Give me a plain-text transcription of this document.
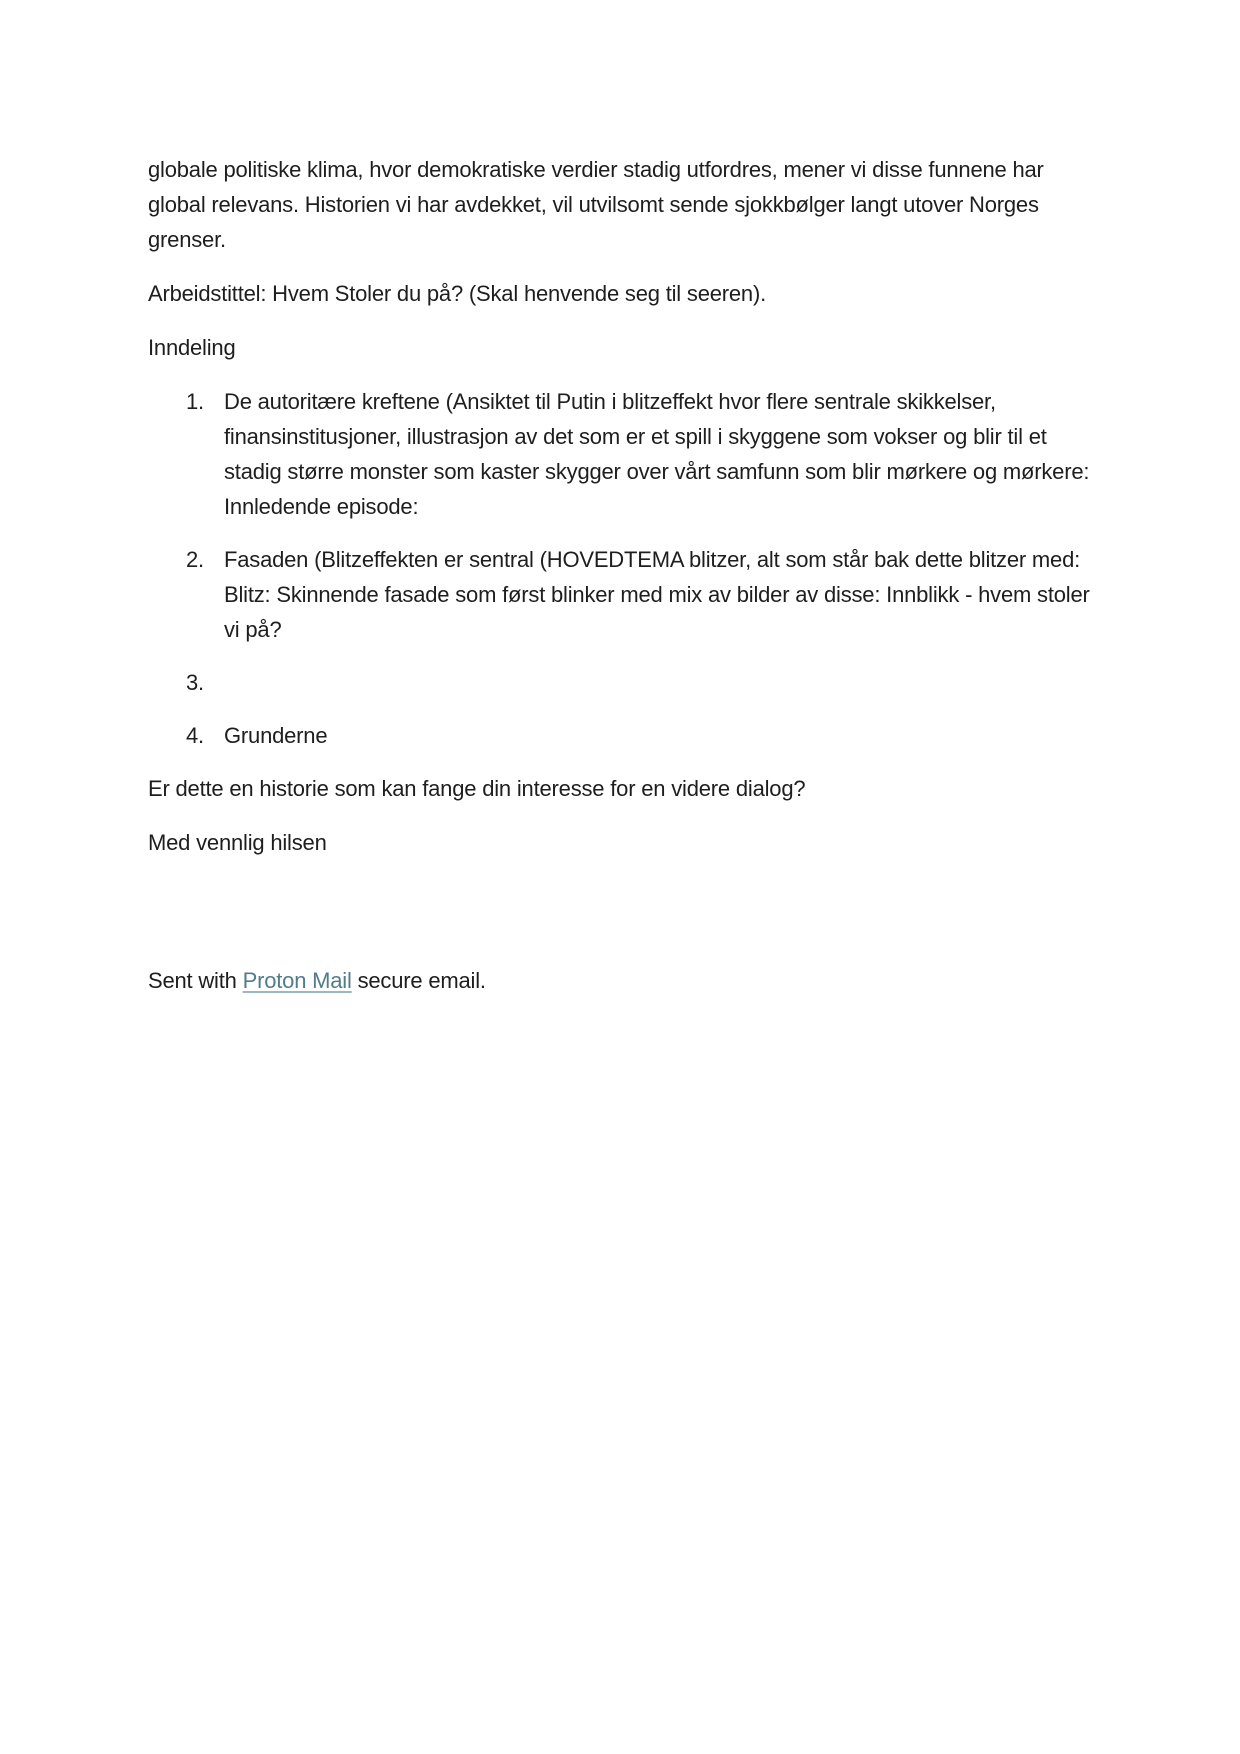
globale politiske klima, hvor demokratiske verdier stadig utfordres, mener vi disse funnene har global relevans. Historien vi har avdekket, vil utvilsomt sende sjokkbølger langt utover Norges grenser.

Arbeidstittel: Hvem Stoler du på? (Skal henvende seg til seeren).

Inndeling

1. De autoritære kreftene (Ansiktet til Putin i blitzeffekt hvor flere sentrale skikkelser, finansinstitusjoner, illustrasjon av det som er et spill i skyggene som vokser og blir til et stadig større monster som kaster skygger over vårt samfunn som blir mørkere og mørkere: Innledende episode:
2. Fasaden (Blitzeffekten er sentral (HOVEDTEMA blitzer, alt som står bak dette blitzer med: Blitz: Skinnende fasade som først blinker med mix av bilder av disse: Innblikk - hvem stoler vi på?
3.
4. Grunderne

Er dette en historie som kan fange din interesse for en videre dialog?

Med vennlig hilsen

Sent with Proton Mail secure email.
